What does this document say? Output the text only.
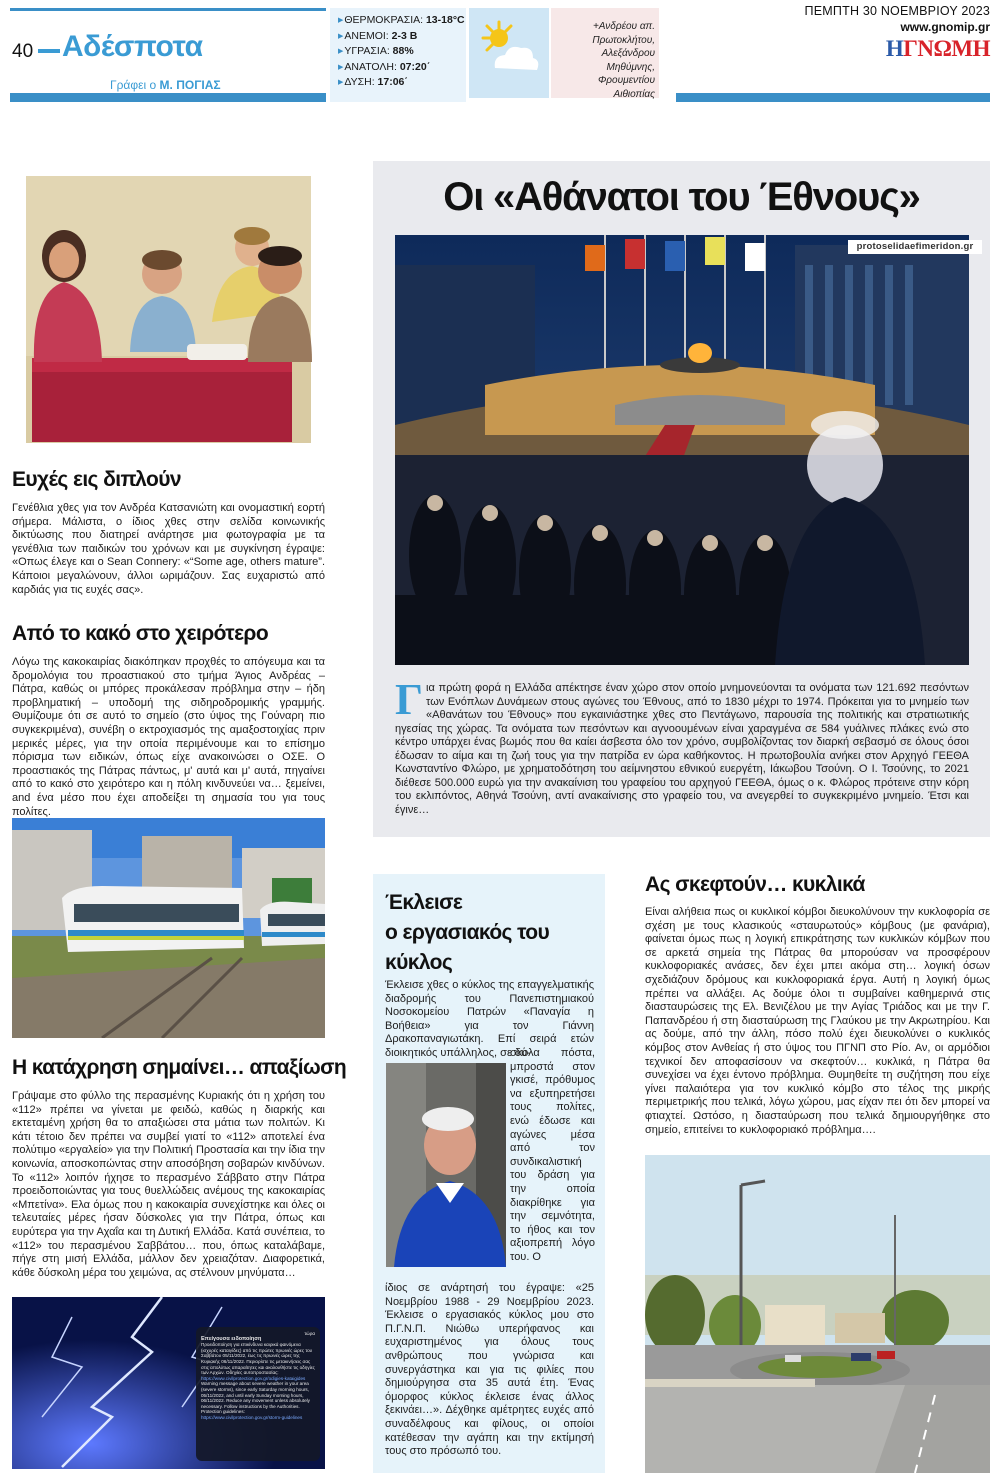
40 Αδέσποτα
Γράφει ο Μ. ΠΟΓΙΑΣ
▶ΘΕΡΜΟΚΡΑΣΙΑ: 13-18°C
▶ΑΝΕΜΟΙ: 2-3 B
▶ΥΓΡΑΣΙΑ: 88%
▶ΑΝΑΤΟΛΗ: 07:20΄
▶ΔΥΣΗ: 17:06΄
+Ανδρέου απ. Πρωτοκλήτου, Αλεξάνδρου Μηθύμνης, Φρουμεντίου Αιθιοπίας
ΠΕΜΠΤΗ 30 ΝΟΕΜΒΡΙΟΥ 2023
www.gnomip.gr
ΗΓΝΩΜΗ
Ευχές εις διπλούν
Γενέθλια χθες για τον Ανδρέα Κατσανιώτη και ονομαστική εορτή σήμερα. Μάλιστα, ο ίδιος χθες στην σελίδα κοινωνικής δικτύωσης που διατηρεί ανάρτησε μια φωτογραφία με τα γενέθλια των παιδικών του χρόνων και με συγκίνηση έγραψε: «Οπως έλεγε και ο Sean Connery: «“Some age, others mature”. Κάποιοι μεγαλώνουν, άλλοι ωριμάζουν. Σας ευχαριστώ από καρδιάς για τις ευχές σας».
Από το κακό στο χειρότερο
Λόγω της κακοκαιρίας διακόπηκαν προχθές το απόγευμα και τα δρομολόγια του προαστιακού στο τμήμα Άγιος Ανδρέας – Πάτρα, καθώς οι μπόρες προκάλεσαν πρόβλημα στην – ήδη προβληματική – υποδομή της σιδηροδρομικής γραμμής. Θυμίζουμε ότι σε αυτό το σημείο (στο ύψος της Γούναρη πιο συγκεκριμένα), συνέβη ο εκτροχιασμός της αμαξοστοιχίας πριν μερικές μέρες, για την οποία περιμένουμε και το επίσημο πόρισμα των ειδικών, όπως είχε ανακοινώσει ο ΟΣΕ. Ο προαστιακός της Πάτρας πάντως, μ' αυτά και μ' αυτά, πηγαίνει από το κακό στο χειρότερο και η πόλη κινδυνεύει να… ξεμείνει, and ένα μέσο που έχει αποδείξει τη σημασία του για τους πολίτες.
Η κατάχρηση σημαίνει… απαξίωση
Γράψαμε στο φύλλο της περασμένης Κυριακής ότι η χρήση του «112» πρέπει να γίνεται με φειδώ, καθώς η διαρκής και εκτεταμένη χρήση θα το απαξιώσει στα μάτια των πολιτών. Κι κάτι τέτοιο δεν πρέπει να συμβεί γιατί το «112» αποτελεί ένα πολύτιμο «εργαλείο» για την Πολιτική Προστασία και την ίδια την κοινωνία, αποσκοπώντας στην αποσόβηση σοβαρών κινδύνων. Το «112» λοιπόν ήχησε το περασμένο Σάββατο στην Πάτρα προειδοποιώντας για τους θυελλώδεις ανέμους της κακοκαιρίας «Μπετίνα». Ελα όμως που η κακοκαιρία συνεχίστηκε και όλες οι τελευταίες μέρες ήσαν δύσκολες για την Πάτρα, όπως και ευρύτερα για την Αχαΐα και τη Δυτική Ελλάδα. Κατά συνέπεια, το «112» του περασμένου Σαββάτου… που, όπως καταλάβαμε, πήγε στη μισή Ελλάδα, μάλλον δεν χρειαζόταν. Διαφορετικά, κάθε δύσκολη μέρα του χειμώνα, ας στέλνουν μηνύματα…
τώρα
Επείγουσα ειδοποίηση
Προειδοποίηση για επικίνδυνα καιρικά φαινόμενα (ισχυρές καταιγίδες) από τις πρώτες πρωινές ώρες του Σαββάτου 05/11/2022, έως τις πρωινές ώρες της Κυριακής 06/11/2022. Περιορίστε τις μετακινήσεις σας στις απολύτως απαραίτητες και ακολουθήστε τις οδηγίες των Αρχών. Οδηγίες αυτοπροστασίας:
https://www.civilprotection.gov.gr/odigies-kataigides
Warning message about severe weather in your area (severe storms), since early Saturday morning hours, 05/11/2022, and until early Sunday morning hours, 06/11/2022. Reduce any movement unless absolutely necessary. Follow instructions by the Authorities. Protection guidelines:
https://www.civilprotection.gov.gr/storm-guidelines
Οι «Αθάνατοι του Έθνους»
Για πρώτη φορά η Ελλάδα απέκτησε έναν χώρο στον οποίο μνημονεύονται τα ονόματα των 121.692 πεσόντων των Ενόπλων Δυνάμεων στους αγώνες του Έθνους, από το 1830 μέχρι το 1974. Πρόκειται για το μνημείο των «Αθανάτων του Έθνους» που εγκαινιάστηκε χθες στο Πεντάγωνο, παρουσία της πολιτικής και στρατιωτικής ηγεσίας της χώρας. Τα ονόματα των πεσόντων και αγνοουμένων είναι χαραγμένα σε 584 γυάλινες πλάκες ενώ στο κέντρο υπάρχει ένας βωμός που θα καίει άσβεστα όλο τον χρόνο, συμβολίζοντας τον διαρκή σεβασμό σε όλους όσοι έδωσαν το αίμα και τη ζωή τους για την πατρίδα εν ώρα καθήκοντος. Η πρωτοβουλία ανήκει στον Αρχηγό ΓΕΕΘΑ Κωνσταντίνο Φλώρο, με χρηματοδότηση του αείμνηστου εθνικού ευεργέτη, Ιάκωβου Τσούνη. Ο Ι. Τσούνης, το 2021 διέθεσε 500.000 ευρώ για την ανακαίνιση του γραφείου του αρχηγού ΓΕΕΘΑ, όμως ο κ. Φλώρος πρότεινε στην κόρη του εκλιπόντος, Αθηνά Τσούνη, αντί ανακαίνισης στο γραφείο του, να ανεγερθεί το συγκεκριμένο μνημείο. Έτσι και έγινε…
protoselidaefimeridon.gr
Έκλεισε
ο εργασιακός του
κύκλος
Έκλεισε χθες ο κύκλος της επαγγελματικής διαδρομής του Πανεπιστημιακού Νοσοκομείου Πατρών «Παναγία η Βοήθεια» για τον Γιάννη Δρακοπαναγιωτάκη. Επί σειρά ετών διοικητικός υπάλληλος, σε δύ-
σκολα πόστα, μπροστά στον γκισέ, πρόθυμος να εξυπηρετήσει τους πολίτες, ενώ έδωσε και αγώνες μέσα από τον συνδικαλιστική του δράση για την οποία διακρίθηκε για την σεμνότητα, το ήθος και τον αξιοπρεπή λόγο του. Ο
ίδιος σε ανάρτησή του έγραψε: «25 Νοεμβρίου 1988 - 29 Νοεμβρίου 2023. Έκλεισε ο εργασιακός κύκλος μου στο Π.Γ.Ν.Π. Νιώθω υπερήφανος και ευχαριστημένος για όλους τους ανθρώπους που γνώρισα και συνεργάστηκα και για τις φιλίες που δημιούργησα στα 35 αυτά έτη. Ένας όμορφος κύκλος έκλεισε ένας άλλος ξεκινάει…». Δέχθηκε αμέτρητες ευχές από συναδέλφους και φίλους, οι οποίοι κατέθεσαν την αγάπη και την εκτίμησή τους στο πρόσωπό του.
Ας σκεφτούν… κυκλικά
Είναι αλήθεια πως οι κυκλικοί κόμβοι διευκολύνουν την κυκλοφορία σε σχέση με τους κλασικούς «σταυρωτούς» κόμβους (με φανάρια), φαίνεται όμως πως η λογική επικράτησης των κυκλικών κόμβων που σε αρκετά σημεία της Πάτρας θα μπορούσαν να προσφέρουν κυκλοφοριακές ανάσες, δεν έχει μπει ακόμα στη… λογική όσων σχεδιάζουν δρόμους και κυκλοφοριακά έργα. Αυτή η λογική όμως πρέπει να αλλάξει. Ας δούμε όλοι τι συμβαίνει καθημερινά στις διασταυρώσεις της Ελ. Βενιζέλου με την Αγίας Τριάδος και με την Γ. Παπανδρέου ή στη διασταύρωση της Γλαύκου με την Ακρωτηρίου. Και ας δούμε, από την άλλη, πόσο πολύ έχει διευκολύνει ο κυκλικός κόμβος στον Ανθείας ή στο ύψος του ΠΓΝΠ στο Ρίο. Αν, οι αρμόδιοι τεχνικοί δεν αποφασίσουν να σκεφτούν… κυκλικά, η Πάτρα θα συνεχίσει να έχει έντονο πρόβλημα. Θυμηθείτε τη συζήτηση που είχε γίνει παλαιότερα για τον κυκλικό κόμβο στο τέλος της μικρής περιμετρικής που τελικά, λόγω χώρου, μας είχαν πει ότι δεν μπορεί να φτιαχτεί. Ωστόσο, η διασταύρωση που τελικά δημιουργήθηκε στο σημείο, επιτείνει το κυκλοφοριακό πρόβλημα….
